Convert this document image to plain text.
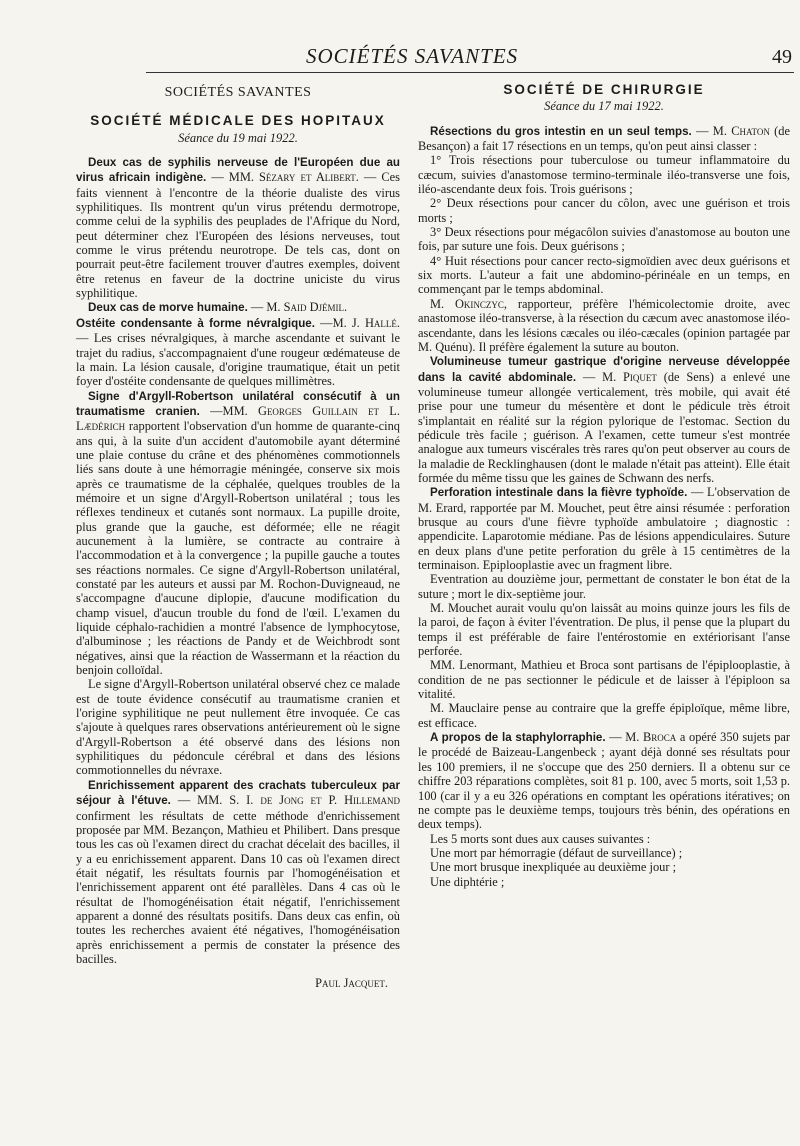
SOCIÉTÉS SAVANTES	49
SOCIÉTÉS SAVANTES
SOCIÉTÉ MÉDICALE DES HOPITAUX
Séance du 19 mai 1922.

Deux cas de syphilis nerveuse de l'Européen due au virus africain indigène. — MM. Sézary et Alibert. — Ces faits viennent à l'encontre de la théorie dualiste des virus syphilitiques. Ils montrent qu'un virus prétendu dermotrope, comme celui de la syphilis des peuplades de l'Afrique du Nord, peut déterminer chez l'Européen des lésions nerveuses, tout comme le virus prétendu neurotrope. De tels cas, dont on pourrait peut-être facilement trouver d'autres exemples, doivent être retenus en faveur de la doctrine uniciste du virus syphilitique.

Deux cas de morve humaine. — M. Said Djémil.

Ostéite condensante à forme névralgique. —M. J. Hallé. — Les crises névralgiques, à marche ascendante et suivant le trajet du radius, s'accompagnaient d'une rougeur œdémateuse de la main. La lésion causale, d'origine traumatique, était un petit foyer d'ostéite condensante de quelques millimètres.

Signe d'Argyll-Robertson unilatéral consécutif à un traumatisme cranien. —MM. Georges Guillain et L. Lædérich rapportent l'observation d'un homme de quarante-cinq ans qui, à la suite d'un accident d'automobile ayant déterminé une plaie contuse du crâne et des phénomènes commotionnels liés sans doute à une hémorragie méningée, conserve six mois après ce traumatisme de la céphalée, quelques troubles de la mémoire et un signe d'Argyll-Robertson unilatéral ; tous les réflexes tendineux et cutanés sont normaux. La pupille droite, plus grande que la gauche, est déformée; elle ne réagit aucunement à la lumière, se contracte au contraire à l'accommodation et à la convergence ; la pupille gauche a toutes ses réactions normales. Ce signe d'Argyll-Robertson unilatéral, constaté par les auteurs et aussi par M. Rochon-Duvigneaud, ne s'accompagne d'aucune diplopie, d'aucune modification du champ visuel, d'aucun trouble du fond de l'œil. L'examen du liquide céphalo-rachidien a montré l'absence de lymphocytose, d'albuminose ; les réactions de Pandy et de Weichbrodt sont négatives, ainsi que la réaction de Wassermann et la réaction du benjoin colloïdal.

Le signe d'Argyll-Robertson unilatéral observé chez ce malade est de toute évidence consécutif au traumatisme cranien et l'origine syphilitique ne peut nullement être invoquée. Ce cas s'ajoute à quelques rares observations antérieurement où le signe d'Argyll-Robertson a été observé dans des lésions non syphilitiques du pédoncule cérébral et dans des lésions commotionnelles du névraxe.

Enrichissement apparent des crachats tuberculeux par séjour à l'étuve. — MM. S. I. de Jong et P. Hillemand confirment les résultats de cette méthode d'enrichissement proposée par MM. Bezançon, Mathieu et Philibert. Dans presque tous les cas où l'examen direct du crachat décelait des bacilles, il y a eu enrichissement apparent. Dans 10 cas où l'examen direct était négatif, les résultats fournis par l'homogénéisation et l'enrichissement apparent ont été parallèles. Dans 4 cas où le résultat de l'homogénéisation était négatif, l'enrichissement apparent a donné des résultats positifs. Dans deux cas enfin, où toutes les recherches avaient été négatives, l'homogénéisation après enrichissement a permis de constater la présence des bacilles.

Paul Jacquet.
SOCIÉTÉ DE CHIRURGIE
Séance du 17 mai 1922.

Résections du gros intestin en un seul temps. — M. Chaton (de Besançon) a fait 17 résections en un temps, qu'on peut ainsi classer :

1° Trois résections pour tuberculose ou tumeur inflammatoire du cæcum, suivies d'anastomose termino-terminale iléo-transverse une fois, iléo-ascendante deux fois. Trois guérisons ;

2° Deux résections pour cancer du côlon, avec une guérison et trois morts ;

3° Deux résections pour mégacôlon suivies d'anastomose au bouton une fois, par suture une fois. Deux guérisons ;

4° Huit résections pour cancer recto-sigmoïdien avec deux guérisons et six morts. L'auteur a fait une abdomino-périnéale en un temps, en commençant par le temps abdominal.

M. Okinczyc, rapporteur, préfère l'hémicolectomie droite, avec anastomose iléo-transverse, à la résection du cæcum avec anastomose iléo-ascendante, dans les lésions cæcales ou iléo-cæcales (opinion partagée par M. Quénu). Il préfère également la suture au bouton.

Volumineuse tumeur gastrique d'origine nerveuse développée dans la cavité abdominale. — M. Piquet (de Sens) a enlevé une volumineuse tumeur allongée verticalement, très mobile, qui avait été prise pour une tumeur du mésentère et dont le pédicule très étroit s'implantait en réalité sur la région pylorique de l'estomac. Section du pédicule très facile ; guérison. A l'examen, cette tumeur s'est montrée analogue aux tumeurs viscérales très rares qu'on peut observer au cours de la maladie de Recklinghausen (dont le malade n'était pas atteint). Elle était formée du même tissu que les gaines de Schwann des nerfs.

Perforation intestinale dans la fièvre typhoïde. — L'observation de M. Erard, rapportée par M. Mouchet, peut être ainsi résumée : perforation brusque au cours d'une fièvre typhoïde ambulatoire ; diagnostic : appendicite. Laparotomie médiane. Pas de lésions appendiculaires. Suture en deux plans d'une petite perforation du grêle à 15 centimètres de la terminaison. Epiplooplastie avec un fragment libre.

Eventration au douzième jour, permettant de constater le bon état de la suture ; mort le dix-septième jour.

M. Mouchet aurait voulu qu'on laissât au moins quinze jours les fils de la paroi, de façon à éviter l'éventration. De plus, il pense que la plupart du temps il est préférable de faire l'entérostomie en extériorisant l'anse perforée.

MM. Lenormant, Mathieu et Broca sont partisans de l'épiplooplastie, à condition de ne pas sectionner le pédicule et de laisser à l'épiploon sa vitalité.

M. Mauclaire pense au contraire que la greffe épiploïque, même libre, est efficace.

A propos de la staphylorraphie. — M. Broca a opéré 350 sujets par le procédé de Baizeau-Langenbeck ; ayant déjà donné ses résultats pour les 100 premiers, il ne s'occupe que des 250 derniers. Il a obtenu sur ce chiffre 203 réparations complètes, soit 81 p. 100, avec 5 morts, soit 1,53 p. 100 (car il y a eu 326 opérations en comptant les opérations itératives; on ne compte pas le deuxième temps, toujours très bénin, des opérations en deux temps).

Les 5 morts sont dues aux causes suivantes :

Une mort par hémorragie (défaut de surveillance) ;

Une mort brusque inexpliquée au deuxième jour ;

Une diphtérie ;
